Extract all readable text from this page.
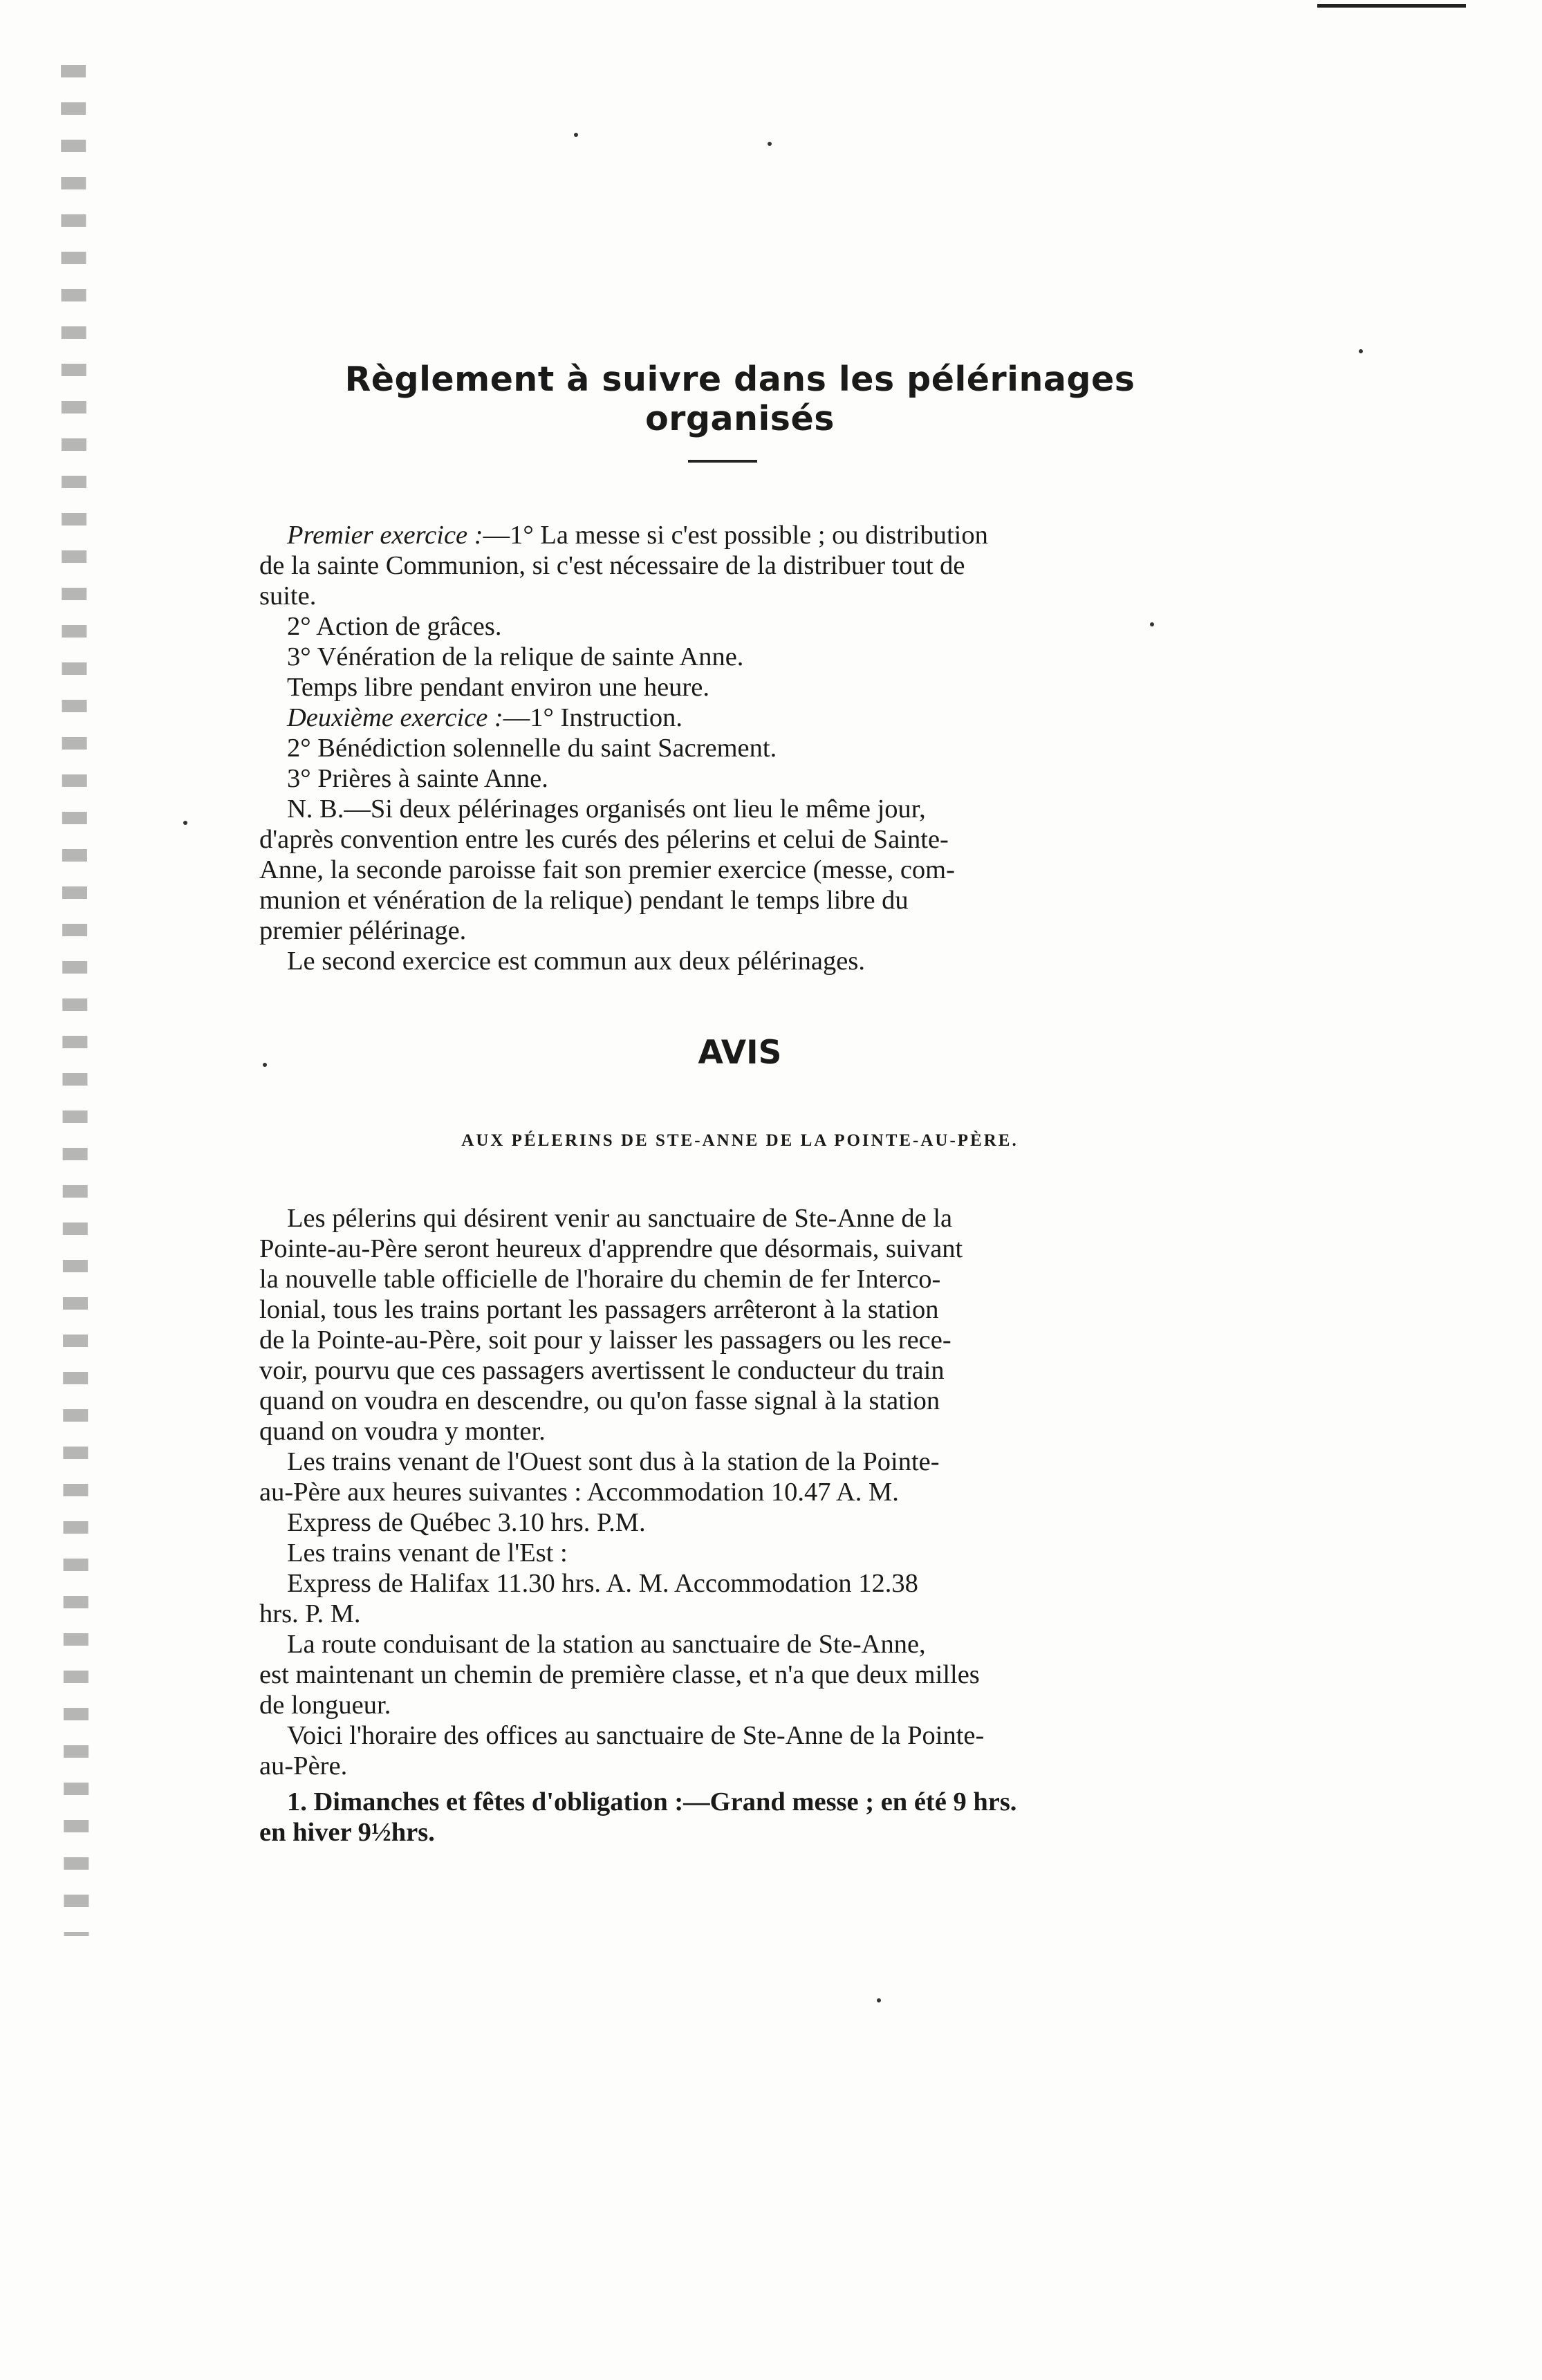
Règlement à suivre dans les pélérinages organisés
Premier exercice :—1° La messe si c'est possible ; ou distribution
de la sainte Communion, si c'est nécessaire de la distribuer tout de
suite.
2° Action de grâces.
3° Vénération de la relique de sainte Anne.
Temps libre pendant environ une heure.
Deuxième exercice :—1° Instruction.
2° Bénédiction solennelle du saint Sacrement.
3° Prières à sainte Anne.
N. B.—Si deux pélérinages organisés ont lieu le même jour,
d'après convention entre les curés des pélerins et celui de Sainte-
Anne, la seconde paroisse fait son premier exercice (messe, com-
munion et vénération de la relique) pendant le temps libre du
premier pélérinage.
Le second exercice est commun aux deux pélérinages.
AVIS
AUX PÉLERINS DE STE-ANNE DE LA POINTE-AU-PÈRE.
Les pélerins qui désirent venir au sanctuaire de Ste-Anne de la
Pointe-au-Père seront heureux d'apprendre que désormais, suivant
la nouvelle table officielle de l'horaire du chemin de fer Interco-
lonial, tous les trains portant les passagers arrêteront à la station
de la Pointe-au-Père, soit pour y laisser les passagers ou les rece-
voir, pourvu que ces passagers avertissent le conducteur du train
quand on voudra en descendre, ou qu'on fasse signal à la station
quand on voudra y monter.
Les trains venant de l'Ouest sont dus à la station de la Pointe-
au-Père aux heures suivantes : Accommodation 10.47 A. M.
Express de Québec 3.10 hrs. P.M.
Les trains venant de l'Est :
Express de Halifax 11.30 hrs. A. M. Accommodation 12.38
hrs. P. M.
La route conduisant de la station au sanctuaire de Ste-Anne,
est maintenant un chemin de première classe, et n'a que deux milles
de longueur.
Voici l'horaire des offices au sanctuaire de Ste-Anne de la Pointe-
au-Père.
1. Dimanches et fêtes d'obligation :—Grand messe ; en été 9 hrs.
en hiver 9½hrs.
